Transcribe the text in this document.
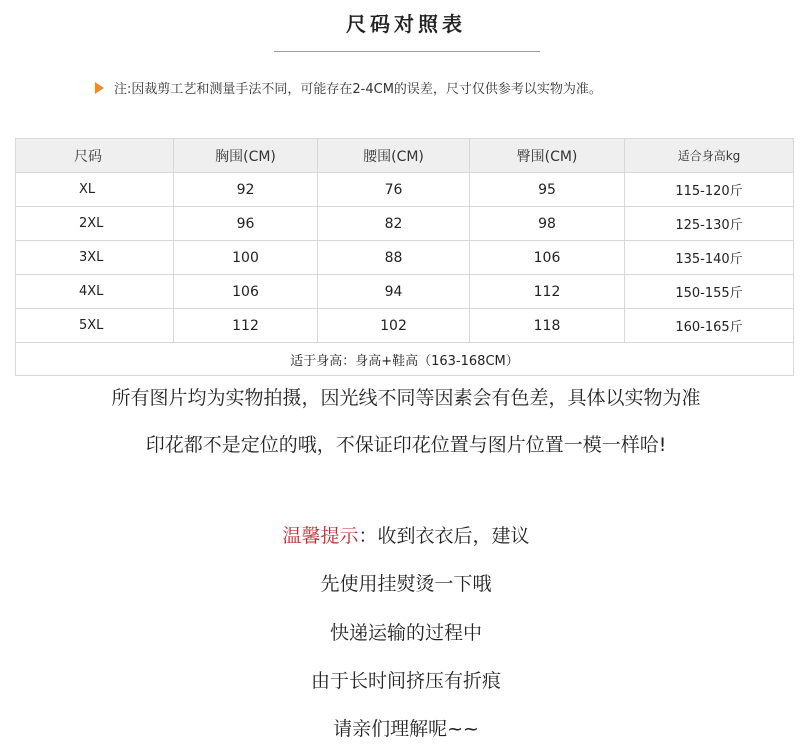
尺码对照表
注:因裁剪工艺和测量手法不同，可能存在2-4CM的误差，尺寸仅供参考以实物为准。
尺码	胸围(CM)	腰围(CM)	臀围(CM)	适合身高kg
XL	92	76	95	115-120斤
2XL	96	82	98	125-130斤
3XL	100	88	106	135-140斤
4XL	106	94	112	150-155斤
5XL	112	102	118	160-165斤
适于身高：身高+鞋高（163-168CM）				
所有图片均为实物拍摄，因光线不同等因素会有色差，具体以实物为准
印花都不是定位的哦，不保证印花位置与图片位置一模一样哈!
温馨提示：收到衣衣后，建议
先使用挂熨烫一下哦
快递运输的过程中
由于长时间挤压有折痕
请亲们理解呢~~
